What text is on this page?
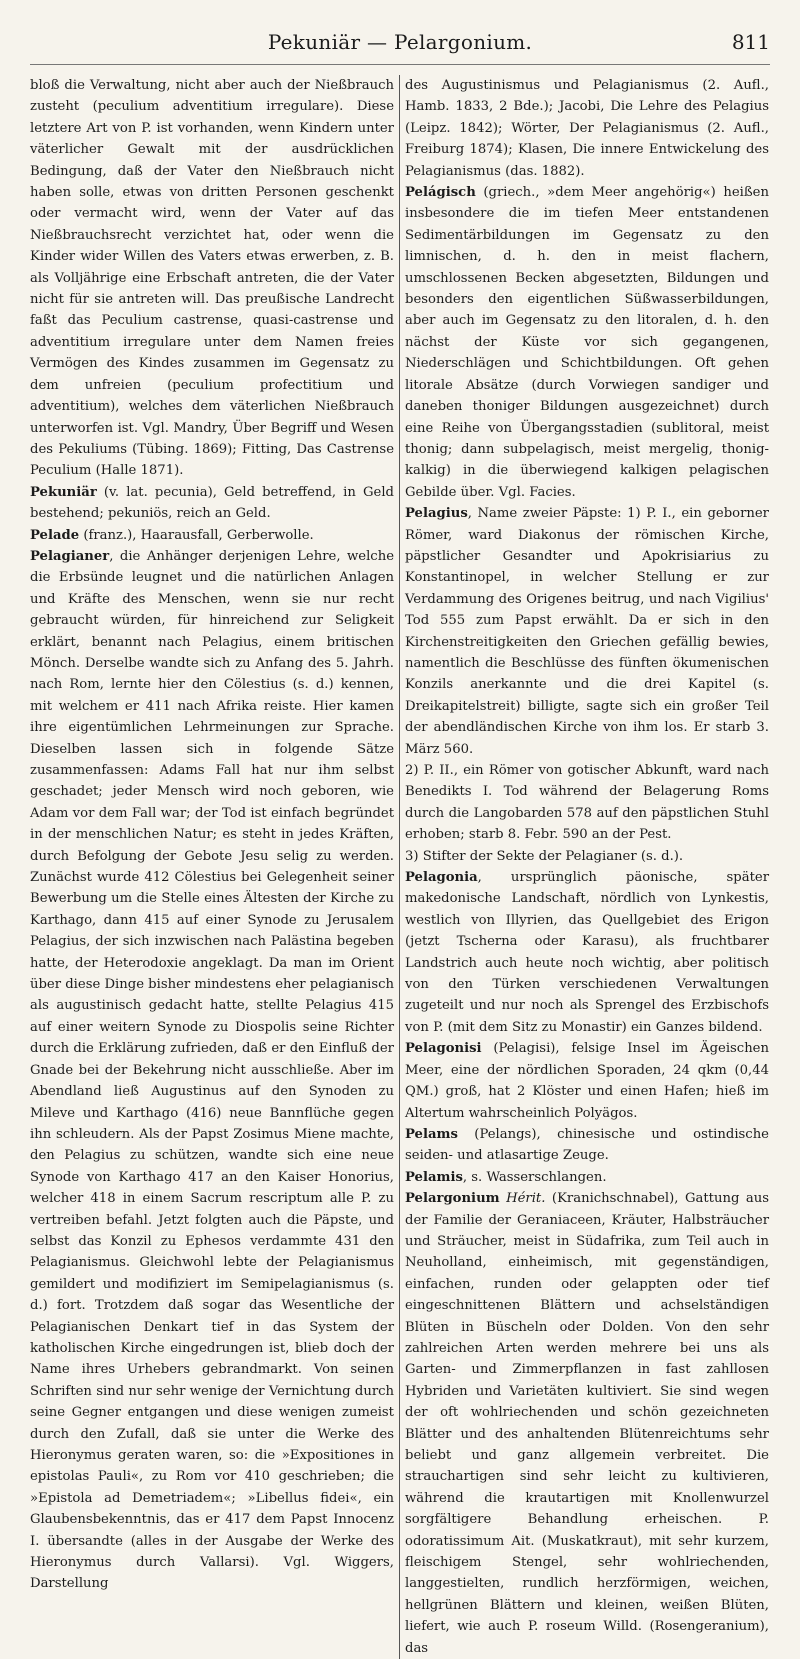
Pekuniär — Pelargonium.	811

bloß die Verwaltung, nicht aber auch der Nießbrauch zusteht (peculium adventitium irregulare). Diese letztere Art von P. ist vorhanden, wenn Kindern unter väterlicher Gewalt mit der ausdrücklichen Bedingung, daß der Vater den Nießbrauch nicht haben solle, etwas von dritten Personen geschenkt oder vermacht wird, wenn der Vater auf das Nießbrauchsrecht verzichtet hat, oder wenn die Kinder wider Willen des Vaters etwas erwerben, z. B. als Volljährige eine Erbschaft antreten, die der Vater nicht für sie antreten will. Das preußische Landrecht faßt das Peculium castrense, quasi-castrense und adventitium irregulare unter dem Namen freies Vermögen des Kindes zusammen im Gegensatz zu dem unfreien (peculium profectitium und adventitium), welches dem väterlichen Nießbrauch unterworfen ist. Vgl. Mandry, Über Begriff und Wesen des Pekuliums (Tübing. 1869); Fitting, Das Castrense Peculium (Halle 1871).

Pekuniär (v. lat. pecunia), Geld betreffend, in Geld bestehend; pekuniös, reich an Geld.

Pelade (franz.), Haarausfall, Gerberwolle.

Pelagianer, die Anhänger derjenigen Lehre, welche die Erbsünde leugnet und die natürlichen Anlagen und Kräfte des Menschen, wenn sie nur recht gebraucht würden, für hinreichend zur Seligkeit erklärt, benannt nach Pelagius, einem britischen Mönch. Derselbe wandte sich zu Anfang des 5. Jahrh. nach Rom, lernte hier den Cölestius (s. d.) kennen, mit welchem er 411 nach Afrika reiste. Hier kamen ihre eigentümlichen Lehrmeinungen zur Sprache. Dieselben lassen sich in folgende Sätze zusammenfassen: Adams Fall hat nur ihm selbst geschadet; jeder Mensch wird noch geboren, wie Adam vor dem Fall war; der Tod ist einfach begründet in der menschlichen Natur; es steht in jedes Kräften, durch Befolgung der Gebote Jesu selig zu werden. Zunächst wurde 412 Cölestius bei Gelegenheit seiner Bewerbung um die Stelle eines Ältesten der Kirche zu Karthago, dann 415 auf einer Synode zu Jerusalem Pelagius, der sich inzwischen nach Palästina begeben hatte, der Heterodoxie angeklagt. Da man im Orient über diese Dinge bisher mindestens eher pelagianisch als augustinisch gedacht hatte, stellte Pelagius 415 auf einer weitern Synode zu Diospolis seine Richter durch die Erklärung zufrieden, daß er den Einfluß der Gnade bei der Bekehrung nicht ausschließe. Aber im Abendland ließ Augustinus auf den Synoden zu Mileve und Karthago (416) neue Bannflüche gegen ihn schleudern. Als der Papst Zosimus Miene machte, den Pelagius zu schützen, wandte sich eine neue Synode von Karthago 417 an den Kaiser Honorius, welcher 418 in einem Sacrum rescriptum alle P. zu vertreiben befahl. Jetzt folgten auch die Päpste, und selbst das Konzil zu Ephesos verdammte 431 den Pelagianismus. Gleichwohl lebte der Pelagianismus gemildert und modifiziert im Semipelagianismus (s. d.) fort. Trotzdem daß sogar das Wesentliche der Pelagianischen Denkart tief in das System der katholischen Kirche eingedrungen ist, blieb doch der Name ihres Urhebers gebrandmarkt. Von seinen Schriften sind nur sehr wenige der Vernichtung durch seine Gegner entgangen und diese wenigen zumeist durch den Zufall, daß sie unter die Werke des Hieronymus geraten waren, so: die »Expositiones in epistolas Pauli«, zu Rom vor 410 geschrieben; die »Epistola ad Demetriadem«; »Libellus fidei«, ein Glaubensbekenntnis, das er 417 dem Papst Innocenz I. übersandte (alles in der Ausgabe der Werke des Hieronymus durch Vallarsi). Vgl. Wiggers, Darstellung

des Augustinismus und Pelagianismus (2. Aufl., Hamb. 1833, 2 Bde.); Jacobi, Die Lehre des Pelagius (Leipz. 1842); Wörter, Der Pelagianismus (2. Aufl., Freiburg 1874); Klasen, Die innere Entwickelung des Pelagianismus (das. 1882).

Pelágisch (griech., »dem Meer angehörig«) heißen insbesondere die im tiefen Meer entstandenen Sedimentärbildungen im Gegensatz zu den limnischen, d. h. den in meist flachern, umschlossenen Becken abgesetzten, Bildungen und besonders den eigentlichen Süßwasserbildungen, aber auch im Gegensatz zu den litoralen, d. h. den nächst der Küste vor sich gegangenen, Niederschlägen und Schichtbildungen. Oft gehen litorale Absätze (durch Vorwiegen sandiger und daneben thoniger Bildungen ausgezeichnet) durch eine Reihe von Übergangsstadien (sublitoral, meist thonig; dann subpelagisch, meist mergelig, thonig-kalkig) in die überwiegend kalkigen pelagischen Gebilde über. Vgl. Facies.

Pelagius, Name zweier Päpste: 1) P. I., ein geborner Römer, ward Diakonus der römischen Kirche, päpstlicher Gesandter und Apokrisiarius zu Konstantinopel, in welcher Stellung er zur Verdammung des Origenes beitrug, und nach Vigilius' Tod 555 zum Papst erwählt. Da er sich in den Kirchenstreitigkeiten den Griechen gefällig bewies, namentlich die Beschlüsse des fünften ökumenischen Konzils anerkannte und die drei Kapitel (s. Dreikapitelstreit) billigte, sagte sich ein großer Teil der abendländischen Kirche von ihm los. Er starb 3. März 560.

2) P. II., ein Römer von gotischer Abkunft, ward nach Benedikts I. Tod während der Belagerung Roms durch die Langobarden 578 auf den päpstlichen Stuhl erhoben; starb 8. Febr. 590 an der Pest.

3) Stifter der Sekte der Pelagianer (s. d.).

Pelagonia, ursprünglich päonische, später makedonische Landschaft, nördlich von Lynkestis, westlich von Illyrien, das Quellgebiet des Erigon (jetzt Tscherna oder Karasu), als fruchtbarer Landstrich auch heute noch wichtig, aber politisch von den Türken verschiedenen Verwaltungen zugeteilt und nur noch als Sprengel des Erzbischofs von P. (mit dem Sitz zu Monastir) ein Ganzes bildend.

Pelagonisi (Pelagisi), felsige Insel im Ägeischen Meer, eine der nördlichen Sporaden, 24 qkm (0,44 QM.) groß, hat 2 Klöster und einen Hafen; hieß im Altertum wahrscheinlich Polyägos.

Pelams (Pelangs), chinesische und ostindische seiden- und atlasartige Zeuge.

Pelamis, s. Wasserschlangen.

Pelargonium Hérit. (Kranichschnabel), Gattung aus der Familie der Geraniaceen, Kräuter, Halbsträucher und Sträucher, meist in Südafrika, zum Teil auch in Neuholland, einheimisch, mit gegenständigen, einfachen, runden oder gelappten oder tief eingeschnittenen Blättern und achselständigen Blüten in Büscheln oder Dolden. Von den sehr zahlreichen Arten werden mehrere bei uns als Garten- und Zimmerpflanzen in fast zahllosen Hybriden und Varietäten kultiviert. Sie sind wegen der oft wohlriechenden und schön gezeichneten Blätter und des anhaltenden Blütenreichtums sehr beliebt und ganz allgemein verbreitet. Die strauchartigen sind sehr leicht zu kultivieren, während die krautartigen mit Knollenwurzel sorgfältigere Behandlung erheischen. P. odoratissimum Ait. (Muskatkraut), mit sehr kurzem, fleischigem Stengel, sehr wohlriechenden, langgestielten, rundlich herzförmigen, weichen, hellgrünen Blättern und kleinen, weißen Blüten, liefert, wie auch P. roseum Willd. (Rosengeranium), das
